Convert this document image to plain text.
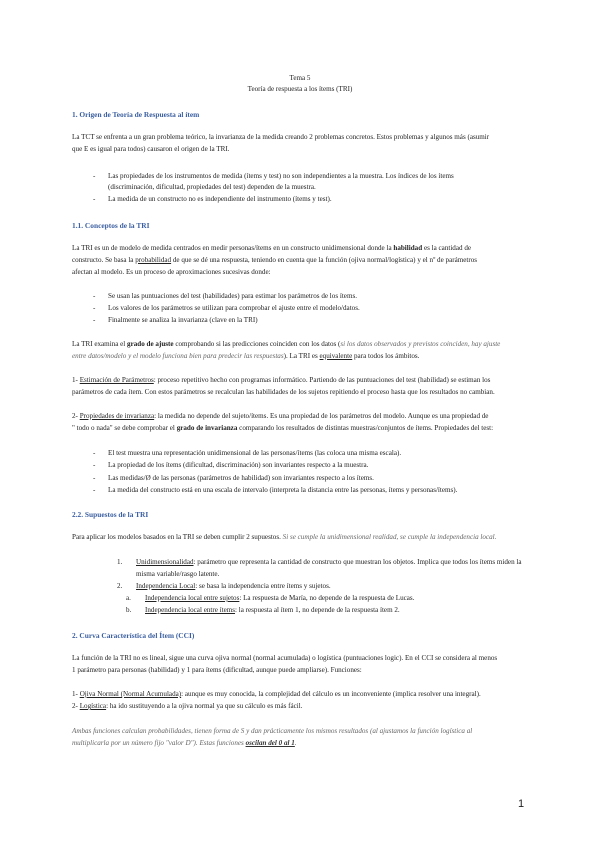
Tema 5
Teoría de respuesta a los ítems (TRI)
1. Origen de Teoría de Respuesta al ítem
La TCT se enfrenta a un gran problema teórico, la invarianza de la medida creando 2 problemas concretos. Estos problemas y algunos más (asumir
que E es igual para todos) causaron el origen de la TRI.
- Las propiedades de los instrumentos de medida (ítems y test) no son independientes a la muestra. Los índices de los ítems
(discriminación, dificultad, propiedades del test) dependen de la muestra.
- La medida de un constructo no es independiente del instrumento (ítems y test).
1.1. Conceptos de la TRI
La TRI es un de modelo de medida centrados en medir personas/ítems en un constructo unidimensional donde la habilidad es la cantidad de
constructo. Se basa la probabilidad de que se dé una respuesta, teniendo en cuenta que la función (ojiva normal/logística) y el nº de parámetros
afectan al modelo. Es un proceso de aproximaciones sucesivas donde:
- Se usan las puntuaciones del test (habilidades) para estimar los parámetros de los ítems.
- Los valores de los parámetros se utilizan para comprobar el ajuste entre el modelo/datos.
- Finalmente se analiza la invarianza (clave en la TRI)
La TRI examina el grado de ajuste comprobando si las predicciones coinciden con los datos (si los datos observados y previstos coinciden, hay ajuste
entre datos/modelo y el modelo funciona bien para predecir las respuestas). La TRI es equivalente para todos los ámbitos.
1- Estimación de Parámetros: proceso repetitivo hecho con programas informático. Partiendo de las puntuaciones del test (habilidad) se estiman los
parámetros de cada ítem. Con estos parámetros se recalculan las habilidades de los sujetos repitiendo el proceso hasta que los resultados no cambian.
2- Propiedades de invarianza: la medida no depende del sujeto/ítems. Es una propiedad de los parámetros del modelo. Aunque es una propiedad de
" todo o nada" se debe comprobar el grado de invarianza comparando los resultados de distintas muestras/conjuntos de ítems. Propiedades del test:
- El test muestra una representación unidimensional de las personas/ítems (las coloca una misma escala).
- La propiedad de los ítems (dificultad, discriminación) son invariantes respecto a la muestra.
- Las medidas/Ø de las personas (parámetros de habilidad) son invariantes respecto a los ítems.
- La medida del constructo está en una escala de intervalo (interpreta la distancia entre las personas, ítems y personas/ítems).
2.2. Supuestos de la TRI
Para aplicar los modelos basados en la TRI se deben cumplir 2 supuestos. Si se cumple la unidimensional realidad, se cumple la independencia local.
1. Unidimensionalidad: parámetro que representa la cantidad de constructo que muestran los objetos. Implica que todos los ítems miden la
misma variable/rasgo latente.
2. Independencia Local: se basa la independencia entre ítems y sujetos.
a. Independencia local entre sujetos: La respuesta de María, no depende de la respuesta de Lucas.
b. Independencia local entre ítems: la respuesta al ítem 1, no depende de la respuesta ítem 2.
2. Curva Característica del Ítem (CCI)
La función de la TRI no es lineal, sigue una curva ojiva normal (normal acumulada) o logística (puntuaciones logic). En el CCI se considera al menos
1 parámetro para personas (habilidad) y 1 para ítems (dificultad, aunque puede ampliarse). Funciones:
1- Ojiva Normal (Normal Acumulada): aunque es muy conocida, la complejidad del cálculo es un inconveniente (implica resolver una integral).
2- Logística: ha ido sustituyendo a la ojiva normal ya que su cálculo es más fácil.
Ambas funciones calculan probabilidades, tienen forma de S y dan prácticamente los mismos resultados (al ajustamos la función logística al
multiplicarla por un número fijo "valor D"). Estas funciones oscilan del 0 al 1.
1
